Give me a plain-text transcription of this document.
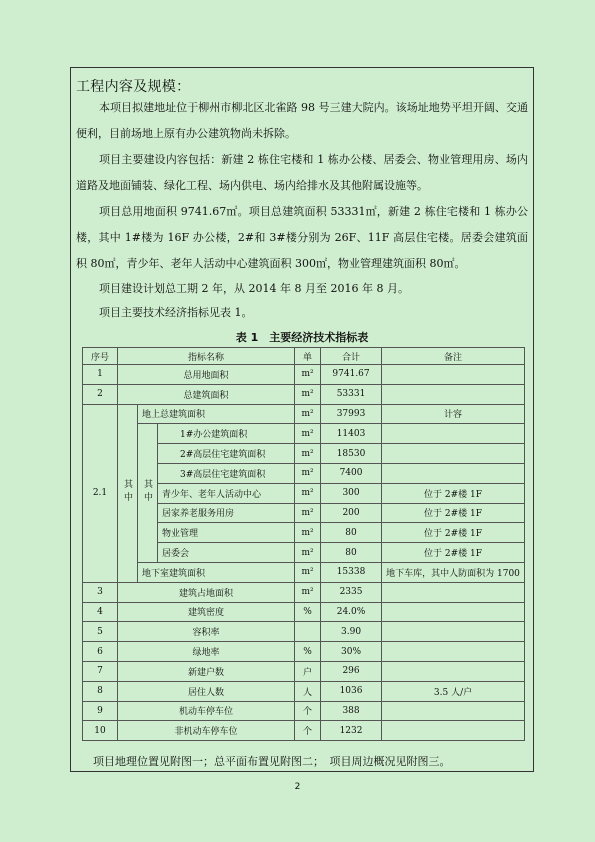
工程内容及规模：

本项目拟建地址位于柳州市柳北区北雀路 98 号三建大院内。该场址地势平坦开阔、交通便利，目前场地上原有办公建筑物尚未拆除。

项目主要建设内容包括：新建 2 栋住宅楼和 1 栋办公楼、居委会、物业管理用房、场内道路及地面铺装、绿化工程、场内供电、场内给排水及其他附属设施等。

项目总用地面积 9741.67㎡。项目总建筑面积 53331㎡，新建 2 栋住宅楼和 1 栋办公楼，其中 1#楼为 16F 办公楼，2#和 3#楼分别为 26F、11F 高层住宅楼。居委会建筑面积 80㎡，青少年、老年人活动中心建筑面积 300㎡，物业管理建筑面积 80㎡。

项目建设计划总工期 2 年，从 2014 年 8 月至 2016 年 8 月。

项目主要技术经济指标见表 1。

表 1　主要经济技术指标表
序号	指标名称			单	合计	备注
1	总用地面积			m²	9741.67	
2	总建筑面积			m²	53331	
2.1	其中	地上总建筑面积		m²	37993	计容
		其中	1#办公建筑面积	m²	11403	
			2#高层住宅建筑面积	m²	18530	
			3#高层住宅建筑面积	m²	7400	
			青少年、老年人活动中心	m²	300	位于 2#楼 1F
			居家养老服务用房	m²	200	位于 2#楼 1F
			物业管理	m²	80	位于 2#楼 1F
			居委会	m²	80	位于 2#楼 1F
		地下室建筑面积		m²	15338	地下车库，其中人防面积为 1700
3	建筑占地面积			m²	2335	
4	建筑密度			%	24.0%	
5	容积率				3.90	
6	绿地率			%	30%	
7	新建户数			户	296	
8	居住人数			人	1036	3.5 人/户
9	机动车停车位			个	388	
10	非机动车停车位			个	1232	
项目地理位置见附图一；总平面布置见附图二；　项目周边概况见附图三。
2
